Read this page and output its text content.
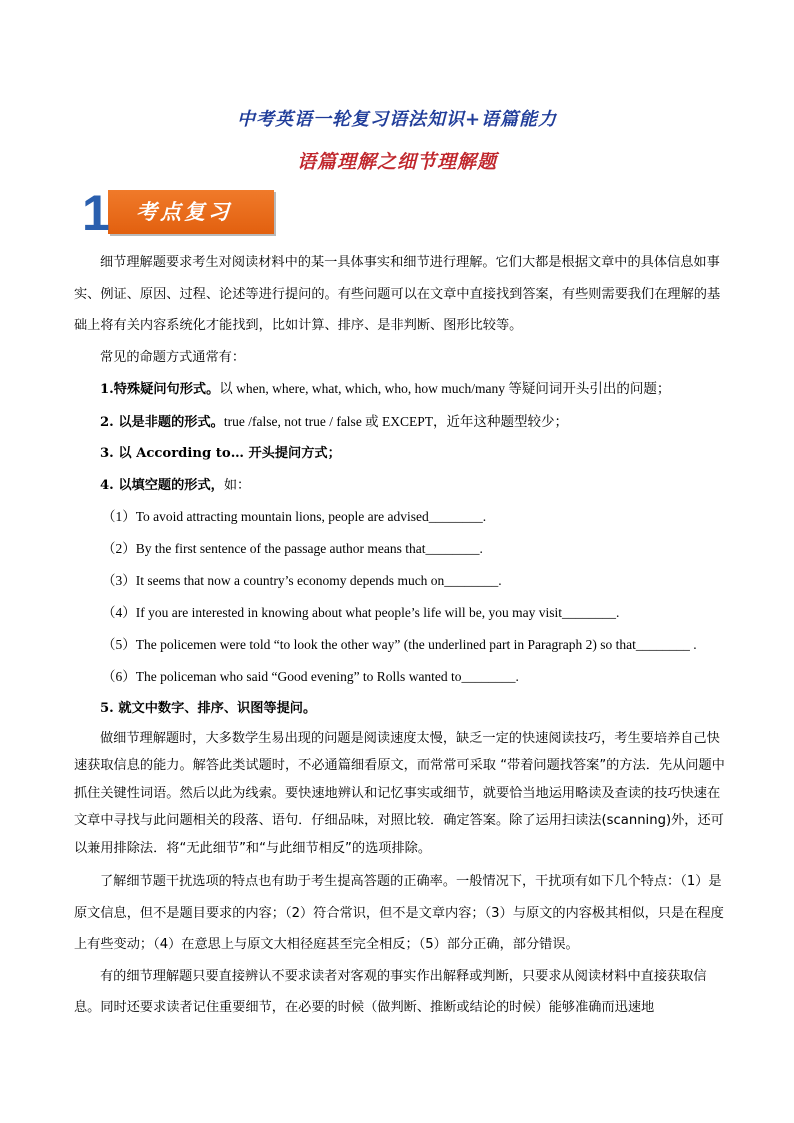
中考英语一轮复习语法知识+语篇能力
语篇理解之细节理解题
1 考点复习

细节理解题要求考生对阅读材料中的某一具体事实和细节进行理解。它们大都是根据文章中的具体信息如事实、例证、原因、过程、论述等进行提问的。有些问题可以在文章中直接找到答案，有些则需要我们在理解的基础上将有关内容系统化才能找到，比如计算、排序、是非判断、图形比较等。

常见的命题方式通常有：

1.特殊疑问句形式。以 when, where, what, which, who, how much/many 等疑问词开头引出的问题；

2. 以是非题的形式。true /false, not true / false 或 EXCEPT，近年这种题型较少；

3. 以 According to… 开头提问方式；

4. 以填空题的形式，如：

（1）To avoid attracting mountain lions, people are advised________.

（2）By the first sentence of the passage author means that________.

（3）It seems that now a country’s economy depends much on________.

（4）If you are interested in knowing about what people’s life will be, you may visit________.

（5）The policemen were told “to look the other way” (the underlined part in Paragraph 2) so that________ .

（6）The policeman who said “Good evening” to Rolls wanted to________.

5. 就文中数字、排序、识图等提问。

做细节理解题时，大多数学生易出现的问题是阅读速度太慢，缺乏一定的快速阅读技巧，考生要培养自己快速获取信息的能力。解答此类试题时，不必通篇细看原文，而常常可采取 “带着问题找答案”的方法．先从问题中抓住关键性词语。然后以此为线索。要快速地辨认和记忆事实或细节，就要恰当地运用略读及查读的技巧快速在文章中寻找与此问题相关的段落、语句．仔细品味，对照比较．确定答案。除了运用扫读法(scanning)外，还可以兼用排除法．将“无此细节”和“与此细节相反”的选项排除。

了解细节题干扰选项的特点也有助于考生提高答题的正确率。一般情况下，干扰项有如下几个特点：（1）是原文信息，但不是题目要求的内容；（2）符合常识，但不是文章内容；（3）与原文的内容极其相似，只是在程度上有些变动；（4）在意思上与原文大相径庭甚至完全相反；（5）部分正确，部分错误。

有的细节理解题只要直接辨认不要求读者对客观的事实作出解释或判断，只要求从阅读材料中直接获取信息。同时还要求读者记住重要细节，在必要的时候（做判断、推断或结论的时候）能够准确而迅速地
